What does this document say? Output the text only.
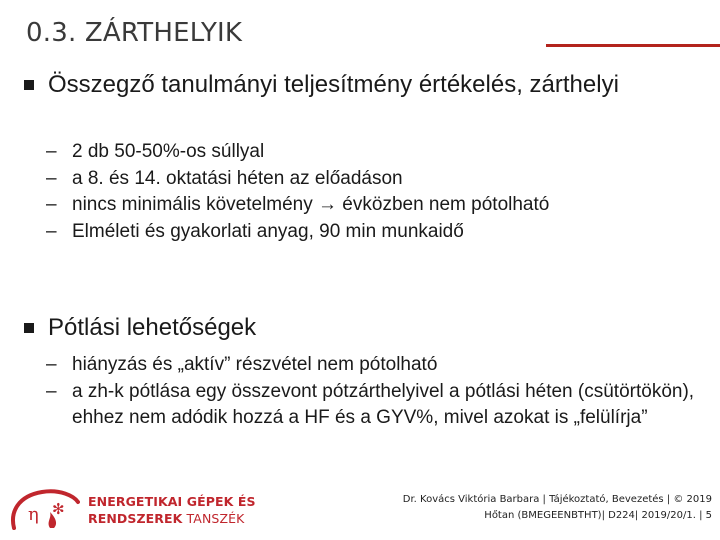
0.3. ZÁRTHELYIK
Összegző tanulmányi teljesítmény értékelés, zárthelyi
– 2 db 50-50%-os súllyal
– a 8. és 14. oktatási héten az előadáson
– nincs minimális követelmény → évközben nem pótolható
– Elméleti és gyakorlati anyag, 90 min munkaidő
Pótlási lehetőségek
– hiányzás és „aktív” részvétel nem pótolható
– a zh-k pótlása egy összevont pótzárthelyivel a pótlási héten (csütörtökön), ehhez nem adódik hozzá a HF és a GYV%, mivel azokat is „felülírja”
η ✻ ENERGETIKAI GÉPEK ÉS
RENDSZEREK TANSZÉK
Dr. Kovács Viktória Barbara | Tájékoztató, Bevezetés | © 2019
Hőtan (BMEGEENBTHT)| D224| 2019/20/1. | 5
